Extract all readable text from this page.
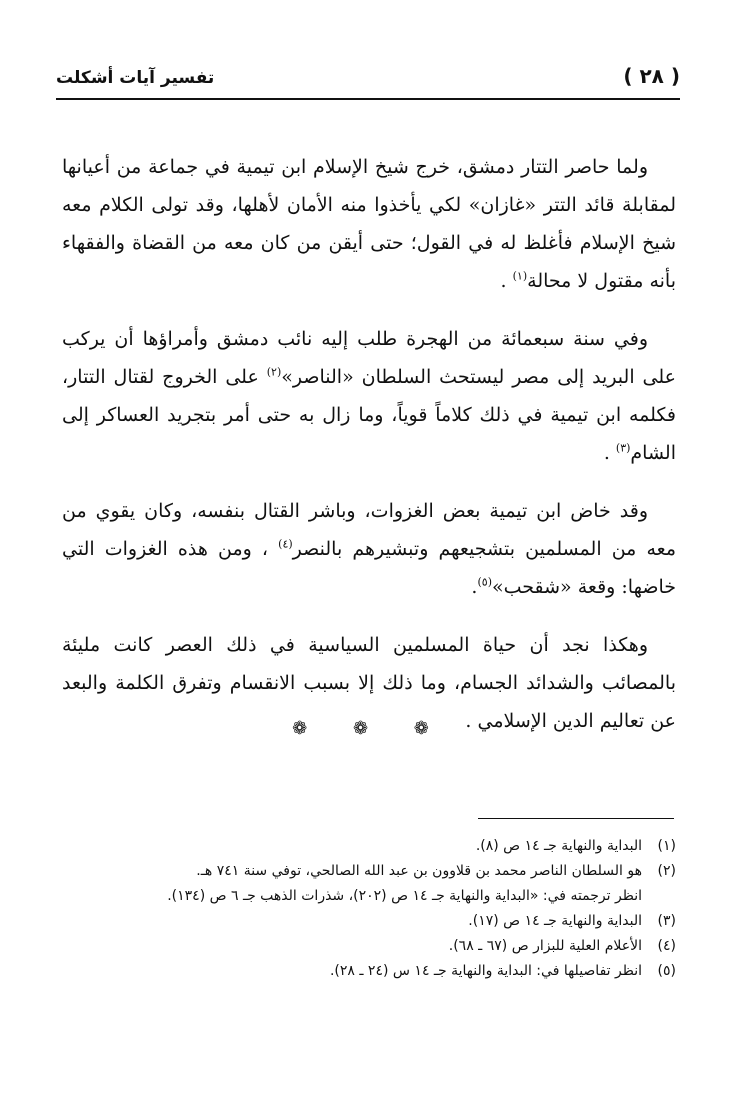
( ٢٨ )
تفسير آيات أشكلت

ولما حاصر التتار دمشق، خرج شيخ الإسلام ابن تيمية في جماعة من أعيانها لمقابلة قائد التتر «غازان» لكي يأخذوا منه الأمان لأهلها، وقد تولى الكلام معه شيخ الإسلام فأغلظ له في القول؛ حتى أيقن من كان معه من القضاة والفقهاء بأنه مقتول لا محالة$^{(١)}$ .

وفي سنة سبعمائة من الهجرة طلب إليه نائب دمشق وأمراؤها أن يركب على البريد إلى مصر ليستحث السلطان «الناصر»$^{(٢)}$ على الخروج لقتال التتار، فكلمه ابن تيمية في ذلك كلاماً قوياً، وما زال به حتى أمر بتجريد العساكر إلى الشام$^{(٣)}$ .

وقد خاض ابن تيمية بعض الغزوات، وباشر القتال بنفسه، وكان يقوي من معه من المسلمين بتشجيعهم وتبشيرهم بالنصر$^{(٤)}$ ، ومن هذه الغزوات التي خاضها: وقعة «شقحب»$^{(٥)}$.

وهكذا نجد أن حياة المسلمين السياسية في ذلك العصر كانت مليئة بالمصائب والشدائد الجسام، وما ذلك إلا بسبب الانقسام وتفرق الكلمة والبعد عن تعاليم الدين الإسلامي .

❁ ❁ ❁
(١)
البداية والنهاية جـ ١٤ ص (٨).
(٢)
هو السلطان الناصر محمد بن قلاوون بن عبد الله الصالحي، توفي سنة ٧٤١ هـ.
انظر ترجمته في: «البداية والنهاية جـ ١٤ ص (٢٠٢)، شذرات الذهب جـ ٦ ص (١٣٤).
(٣)
البداية والنهاية جـ ١٤ ص (١٧).
(٤)
الأعلام العلية للبزار ص (٦٧ ـ ٦٨).
(٥)
انظر تفاصيلها في: البداية والنهاية جـ ١٤ س (٢٤ ـ ٢٨).
